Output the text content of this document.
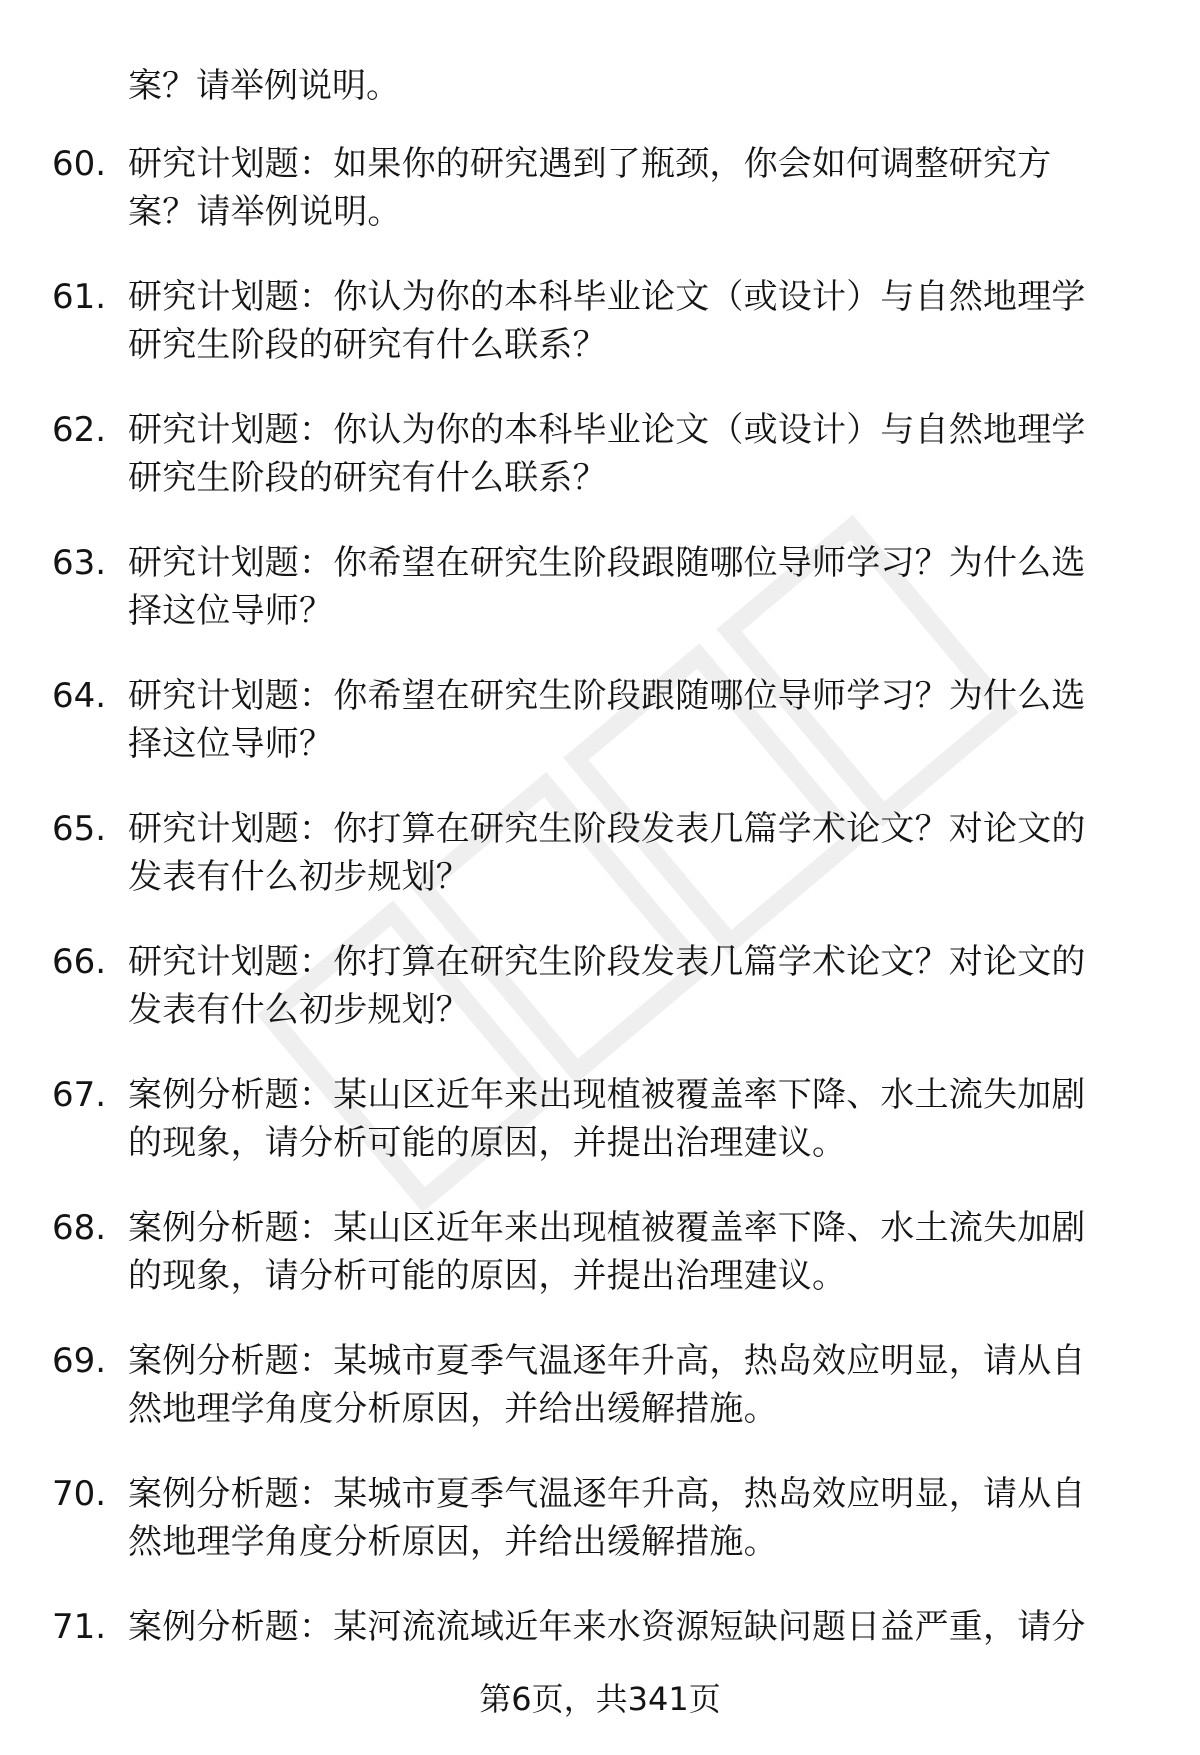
案？请举例说明。
60. 研究计划题：如果你的研究遇到了瓶颈，你会如何调整研究方
案？请举例说明。
61. 研究计划题：你认为你的本科毕业论文（或设计）与自然地理学
研究生阶段的研究有什么联系？
62. 研究计划题：你认为你的本科毕业论文（或设计）与自然地理学
研究生阶段的研究有什么联系？
63. 研究计划题：你希望在研究生阶段跟随哪位导师学习？为什么选
择这位导师？
64. 研究计划题：你希望在研究生阶段跟随哪位导师学习？为什么选
择这位导师？
65. 研究计划题：你打算在研究生阶段发表几篇学术论文？对论文的
发表有什么初步规划？
66. 研究计划题：你打算在研究生阶段发表几篇学术论文？对论文的
发表有什么初步规划？
67. 案例分析题：某山区近年来出现植被覆盖率下降、水土流失加剧
的现象，请分析可能的原因，并提出治理建议。
68. 案例分析题：某山区近年来出现植被覆盖率下降、水土流失加剧
的现象，请分析可能的原因，并提出治理建议。
69. 案例分析题：某城市夏季气温逐年升高，热岛效应明显，请从自
然地理学角度分析原因，并给出缓解措施。
70. 案例分析题：某城市夏季气温逐年升高，热岛效应明显，请从自
然地理学角度分析原因，并给出缓解措施。
71. 案例分析题：某河流流域近年来水资源短缺问题日益严重，请分
第6页，共341页
